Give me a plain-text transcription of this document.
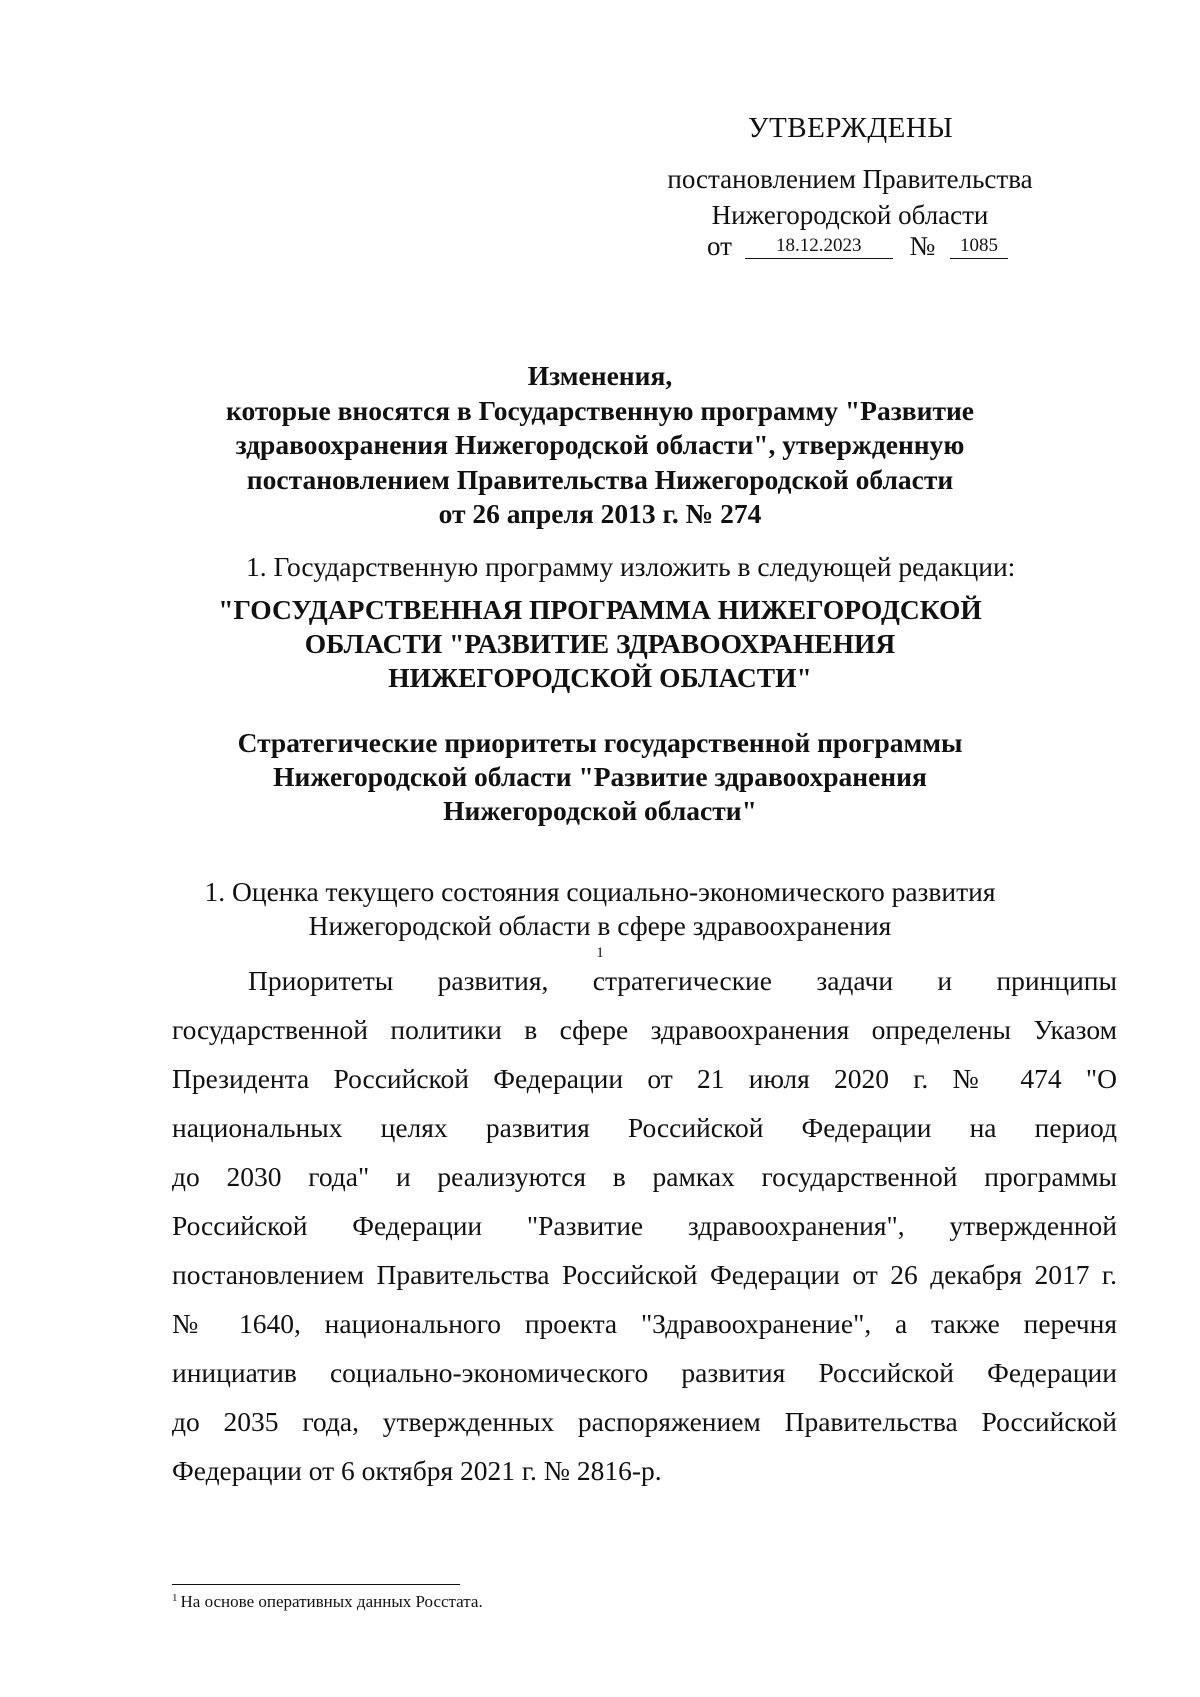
УТВЕРЖДЕНЫ
постановлением Правительства
Нижегородской области
от 18.12.2023 № 1085
Изменения,
которые вносятся в Государственную программу "Развитие
здравоохранения Нижегородской области", утвержденную
постановлением Правительства Нижегородской области
от 26 апреля 2013 г. № 274
1. Государственную программу изложить в следующей редакции:
"ГОСУДАРСТВЕННАЯ ПРОГРАММА НИЖЕГОРОДСКОЙ
ОБЛАСТИ "РАЗВИТИЕ ЗДРАВООХРАНЕНИЯ
НИЖЕГОРОДСКОЙ ОБЛАСТИ"
Стратегические приоритеты государственной программы
Нижегородской области "Развитие здравоохранения
Нижегородской области"
1. Оценка текущего состояния социально-экономического развития
Нижегородской области в сфере здравоохранения
$^1$
Приоритеты развития, стратегические задачи и принципы
государственной политики в сфере здравоохранения определены Указом
Президента Российской Федерации от 21 июля 2020 г. № 474 "О
национальных целях развития Российской Федерации на период
до 2030 года" и реализуются в рамках государственной программы
Российской Федерации "Развитие здравоохранения", утвержденной
постановлением Правительства Российской Федерации от 26 декабря 2017 г.
№ 1640, национального проекта "Здравоохранение", а также перечня
инициатив социально-экономического развития Российской Федерации
до 2035 года, утвержденных распоряжением Правительства Российской
Федерации от 6 октября 2021 г. № 2816-р.
$^1$ На основе оперативных данных Росстата.
